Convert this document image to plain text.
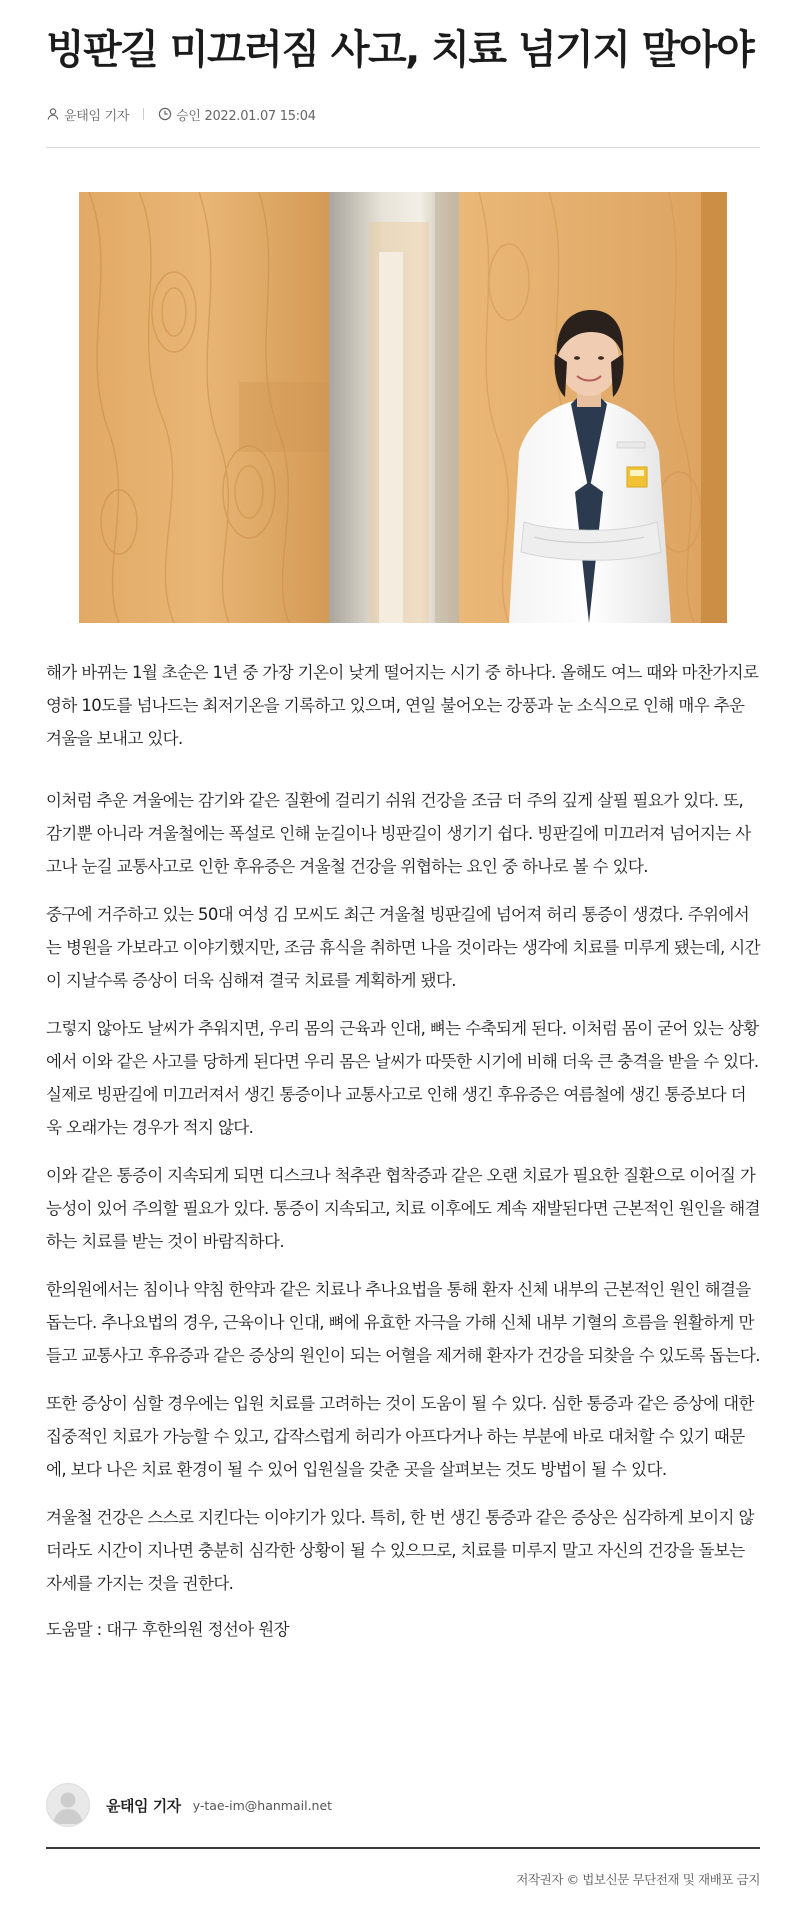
빙판길 미끄러짐 사고, 치료 넘기지 말아야
윤태임 기자	승인 2022.01.07 15:04

해가 바뀌는 1월 초순은 1년 중 가장 기온이 낮게 떨어지는 시기 중 하나다. 올해도 여느 때와 마찬가지로 영하 10도를 넘나드는 최저기온을 기록하고 있으며, 연일 불어오는 강풍과 눈 소식으로 인해 매우 추운 겨울을 보내고 있다.

이처럼 추운 겨울에는 감기와 같은 질환에 걸리기 쉬워 건강을 조금 더 주의 깊게 살필 필요가 있다. 또, 감기뿐 아니라 겨울철에는 폭설로 인해 눈길이나 빙판길이 생기기 쉽다. 빙판길에 미끄러져 넘어지는 사고나 눈길 교통사고로 인한 후유증은 겨울철 건강을 위협하는 요인 중 하나로 볼 수 있다.

중구에 거주하고 있는 50대 여성 김 모씨도 최근 겨울철 빙판길에 넘어져 허리 통증이 생겼다. 주위에서는 병원을 가보라고 이야기했지만, 조금 휴식을 취하면 나을 것이라는 생각에 치료를 미루게 됐는데, 시간이 지날수록 증상이 더욱 심해져 결국 치료를 계획하게 됐다.

그렇지 않아도 날씨가 추워지면, 우리 몸의 근육과 인대, 뼈는 수축되게 된다. 이처럼 몸이 굳어 있는 상황에서 이와 같은 사고를 당하게 된다면 우리 몸은 날씨가 따뜻한 시기에 비해 더욱 큰 충격을 받을 수 있다. 실제로 빙판길에 미끄러져서 생긴 통증이나 교통사고로 인해 생긴 후유증은 여름철에 생긴 통증보다 더욱 오래가는 경우가 적지 않다.

이와 같은 통증이 지속되게 되면 디스크나 척추관 협착증과 같은 오랜 치료가 필요한 질환으로 이어질 가능성이 있어 주의할 필요가 있다. 통증이 지속되고, 치료 이후에도 계속 재발된다면 근본적인 원인을 해결하는 치료를 받는 것이 바람직하다.

한의원에서는 침이나 약침 한약과 같은 치료나 추나요법을 통해 환자 신체 내부의 근본적인 원인 해결을 돕는다. 추나요법의 경우, 근육이나 인대, 뼈에 유효한 자극을 가해 신체 내부 기혈의 흐름을 원활하게 만들고 교통사고 후유증과 같은 증상의 원인이 되는 어혈을 제거해 환자가 건강을 되찾을 수 있도록 돕는다.

또한 증상이 심할 경우에는 입원 치료를 고려하는 것이 도움이 될 수 있다. 심한 통증과 같은 증상에 대한 집중적인 치료가 가능할 수 있고, 갑작스럽게 허리가 아프다거나 하는 부분에 바로 대처할 수 있기 때문에, 보다 나은 치료 환경이 될 수 있어 입원실을 갖춘 곳을 살펴보는 것도 방법이 될 수 있다.

겨울철 건강은 스스로 지킨다는 이야기가 있다. 특히, 한 번 생긴 통증과 같은 증상은 심각하게 보이지 않더라도 시간이 지나면 충분히 심각한 상황이 될 수 있으므로, 치료를 미루지 말고 자신의 건강을 돌보는 자세를 가지는 것을 권한다.

도움말 : 대구 후한의원 정선아 원장

윤태임 기자 y-tae-im@hanmail.net
저작권자 © 법보신문 무단전재 및 재배포 금지
